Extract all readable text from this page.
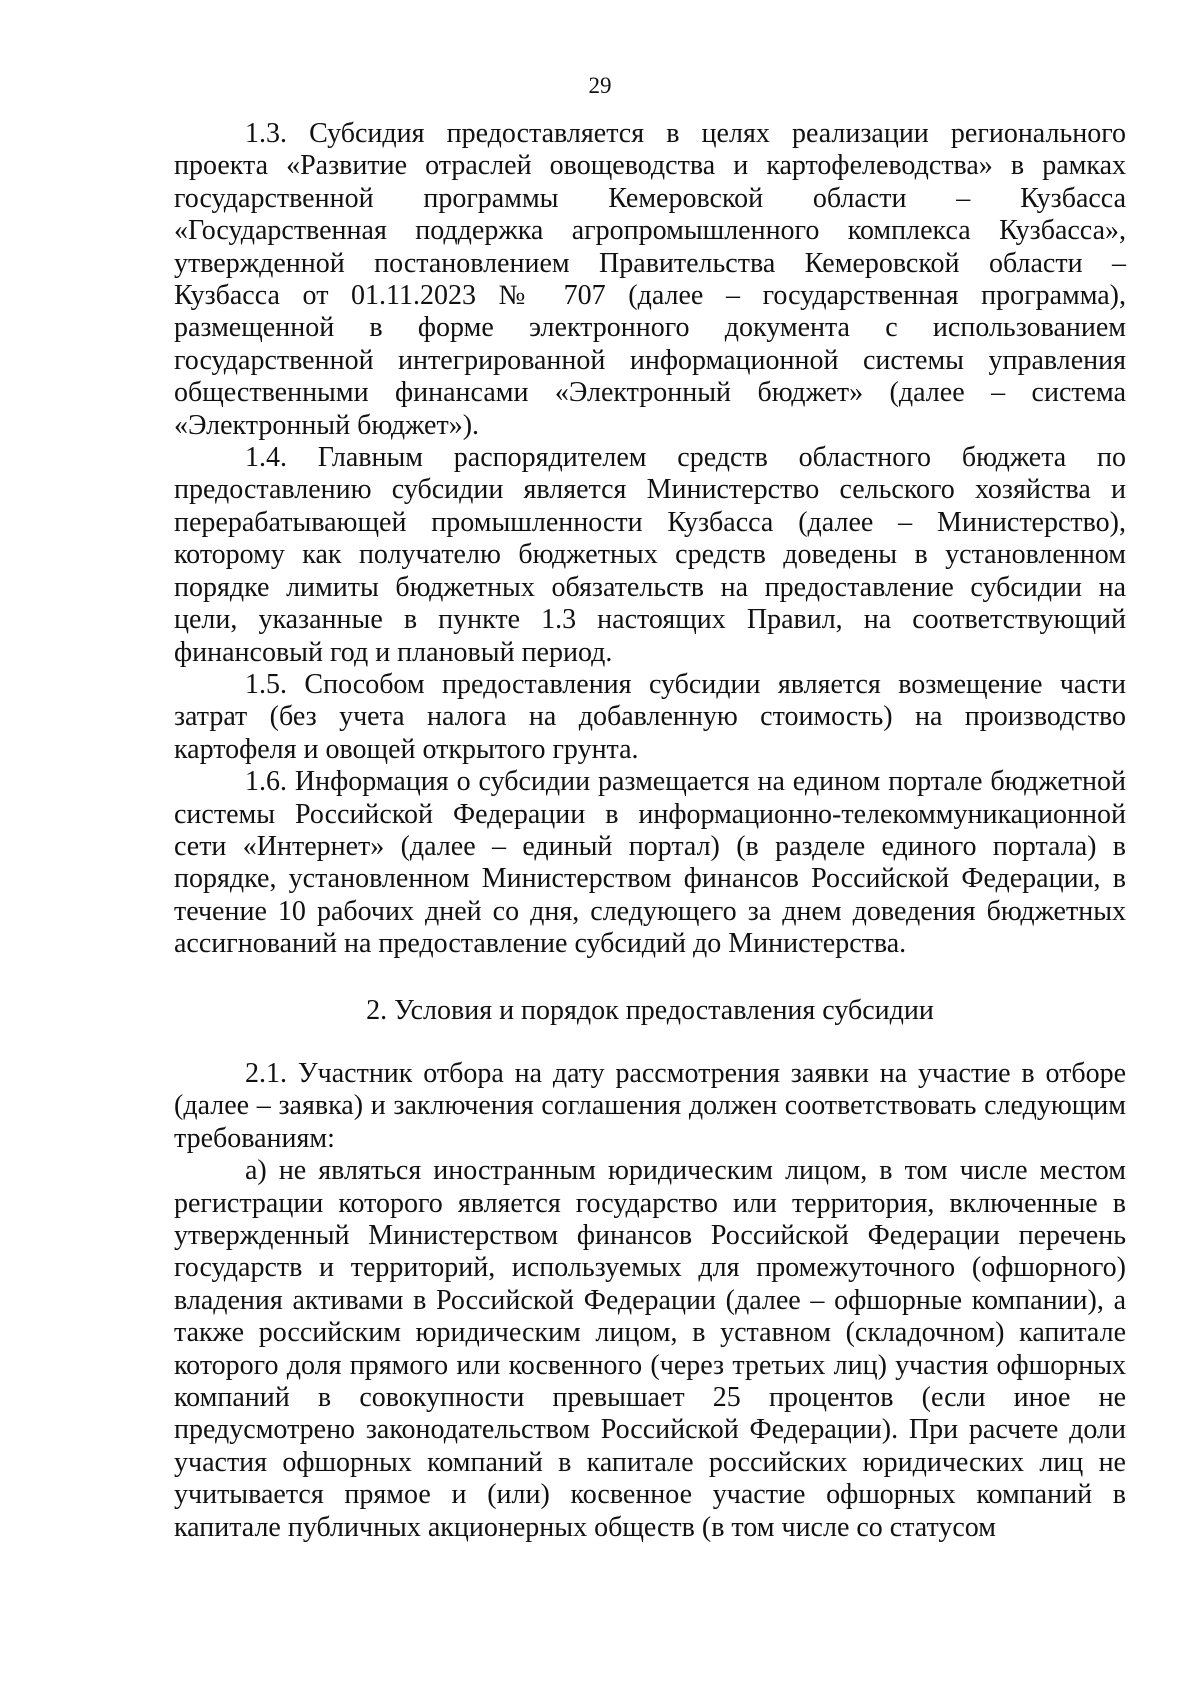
29

1.3. Субсидия предоставляется в целях реализации регионального проекта «Развитие отраслей овощеводства и картофелеводства» в рамках государственной программы Кемеровской области – Кузбасса «Государственная поддержка агропромышленного комплекса Кузбасса», утвержденной постановлением Правительства Кемеровской области – Кузбасса от 01.11.2023 № 707 (далее – государственная программа), размещенной в форме электронного документа с использованием государственной интегрированной информационной системы управления общественными финансами «Электронный бюджет» (далее – система «Электронный бюджет»).

1.4. Главным распорядителем средств областного бюджета по предоставлению субсидии является Министерство сельского хозяйства и перерабатывающей промышленности Кузбасса (далее – Министерство), которому как получателю бюджетных средств доведены в установленном порядке лимиты бюджетных обязательств на предоставление субсидии на цели, указанные в пункте 1.3 настоящих Правил, на соответствующий финансовый год и плановый период.

1.5. Способом предоставления субсидии является возмещение части затрат (без учета налога на добавленную стоимость) на производство картофеля и овощей открытого грунта.

1.6. Информация о субсидии размещается на едином портале бюджетной системы Российской Федерации в информационно-телекоммуникационной сети «Интернет» (далее – единый портал) (в разделе единого портала) в порядке, установленном Министерством финансов Российской Федерации, в течение 10 рабочих дней со дня, следующего за днем доведения бюджетных ассигнований на предоставление субсидий до Министерства.

2. Условия и порядок предоставления субсидии

2.1. Участник отбора на дату рассмотрения заявки на участие в отборе (далее – заявка) и заключения соглашения должен соответствовать следующим требованиям:

а) не являться иностранным юридическим лицом, в том числе местом регистрации которого является государство или территория, включенные в утвержденный Министерством финансов Российской Федерации перечень государств и территорий, используемых для промежуточного (офшорного) владения активами в Российской Федерации (далее – офшорные компании), а также российским юридическим лицом, в уставном (складочном) капитале которого доля прямого или косвенного (через третьих лиц) участия офшорных компаний в совокупности превышает 25 процентов (если иное не предусмотрено законодательством Российской Федерации). При расчете доли участия офшорных компаний в капитале российских юридических лиц не учитывается прямое и (или) косвенное участие офшорных компаний в капитале публичных акционерных обществ (в том числе со статусом
